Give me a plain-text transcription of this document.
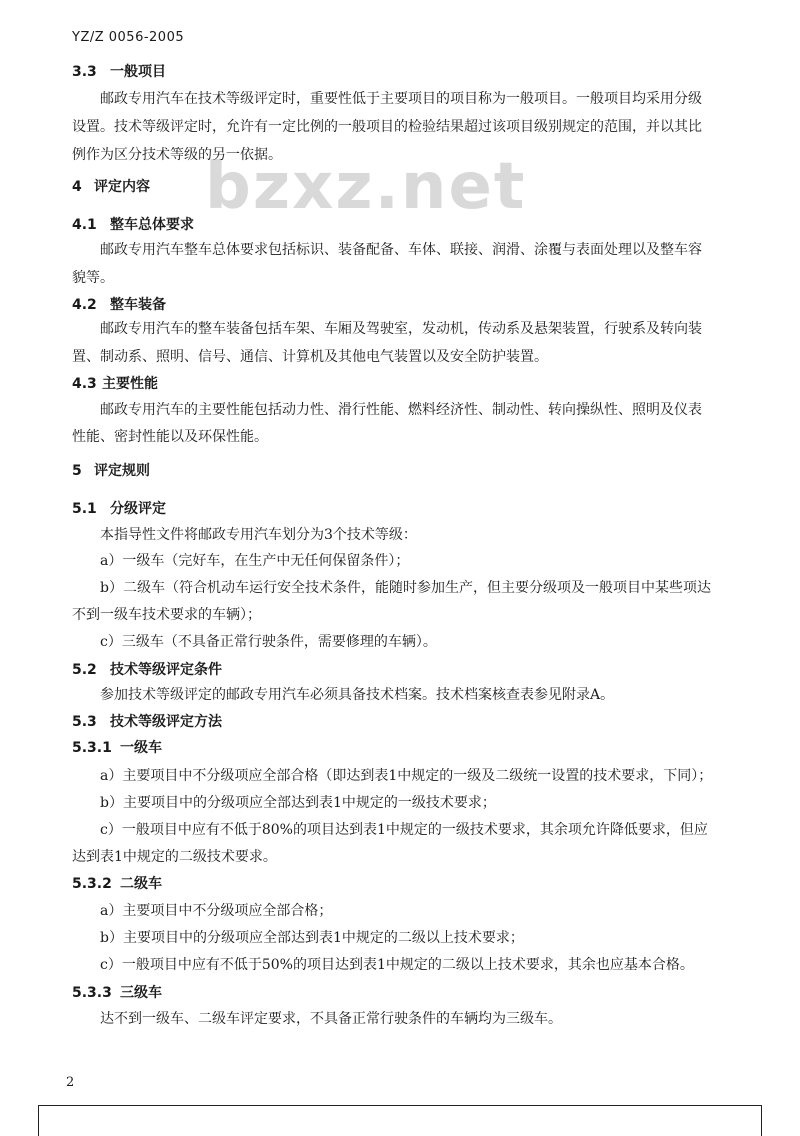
YZ/Z 0056-2005
bzxz.net
3.3 一般项目
邮政专用汽车在技术等级评定时，重要性低于主要项目的项目称为一般项目。一般项目均采用分级
设置。技术等级评定时，允许有一定比例的一般项目的检验结果超过该项目级别规定的范围，并以其比
例作为区分技术等级的另一依据。
4 评定内容
4.1 整车总体要求
邮政专用汽车整车总体要求包括标识、装备配备、车体、联接、润滑、涂覆与表面处理以及整车容
貌等。
4.2 整车装备
邮政专用汽车的整车装备包括车架、车厢及驾驶室，发动机，传动系及悬架装置，行驶系及转向装
置、制动系、照明、信号、通信、计算机及其他电气装置以及安全防护装置。
4.3 主要性能
邮政专用汽车的主要性能包括动力性、滑行性能、燃料经济性、制动性、转向操纵性、照明及仪表
性能、密封性能以及环保性能。
5 评定规则
5.1 分级评定
本指导性文件将邮政专用汽车划分为3个技术等级：
a）一级车（完好车，在生产中无任何保留条件）；
b）二级车（符合机动车运行安全技术条件，能随时参加生产，但主要分级项及一般项目中某些项达
不到一级车技术要求的车辆）；
c）三级车（不具备正常行驶条件，需要修理的车辆）。
5.2 技术等级评定条件
参加技术等级评定的邮政专用汽车必须具备技术档案。技术档案核查表参见附录A。
5.3 技术等级评定方法
5.3.1 一级车
a）主要项目中不分级项应全部合格（即达到表1中规定的一级及二级统一设置的技术要求，下同）；
b）主要项目中的分级项应全部达到表1中规定的一级技术要求；
c）一般项目中应有不低于80%的项目达到表1中规定的一级技术要求，其余项允许降低要求，但应
达到表1中规定的二级技术要求。
5.3.2 二级车
a）主要项目中不分级项应全部合格；
b）主要项目中的分级项应全部达到表1中规定的二级以上技术要求；
c）一般项目中应有不低于50%的项目达到表1中规定的二级以上技术要求，其余也应基本合格。
5.3.3 三级车
达不到一级车、二级车评定要求，不具备正常行驶条件的车辆均为三级车。
2
